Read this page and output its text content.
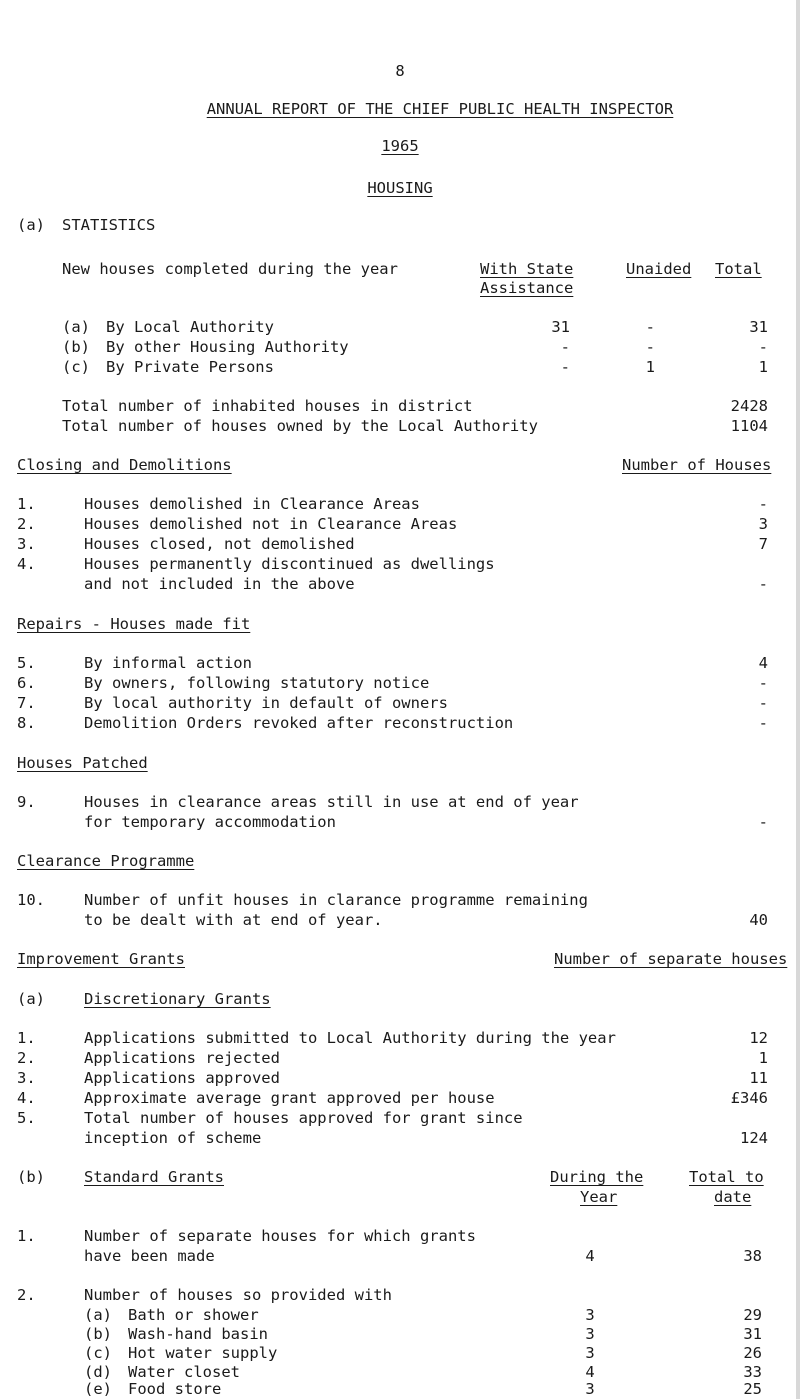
8
ANNUAL REPORT OF THE CHIEF PUBLIC HEALTH INSPECTOR
1965
HOUSING
(a) STATISTICS
New houses completed during the year	With State
Assistance
Unaided Total
(a) By Local Authority	31	-	31
(b) By other Housing Authority	-	-	-
(c) By Private Persons	-	1	1
Total number of inhabited houses in district	2428
Total number of houses owned by the Local Authority	1104
Closing and Demolitions	Number of Houses
1.	Houses demolished in Clearance Areas	-
2.	Houses demolished not in Clearance Areas	3
3.	Houses closed, not demolished	7
4.	Houses permanently discontinued as dwellings
and not included in the above	-
Repairs - Houses made fit
5.	By informal action	4
6.	By owners, following statutory notice	-
7.	By local authority in default of owners	-
8.	Demolition Orders revoked after reconstruction	-
Houses Patched
9.	Houses in clearance areas still in use at end of year
for temporary accommodation	-
Clearance Programme
10.	Number of unfit houses in clarance programme remaining
to be dealt with at end of year.	40
Improvement Grants	Number of separate houses
(a)	Discretionary Grants
1.	Applications submitted to Local Authority during the year	12
2.	Applications rejected	1
3.	Applications approved	11
4.	Approximate average grant approved per house	£346
5.	Total number of houses approved for grant since
inception of scheme	124
(b)	Standard Grants	During the
Year
Total to
date
1.	Number of separate houses for which grants
have been made	4	38
2.	Number of houses so provided with
(a) Bath or shower	3	29
(b) Wash-hand basin	3	31
(c) Hot water supply	3	26
(d) Water closet	4	33
(e) Food store	3	25
